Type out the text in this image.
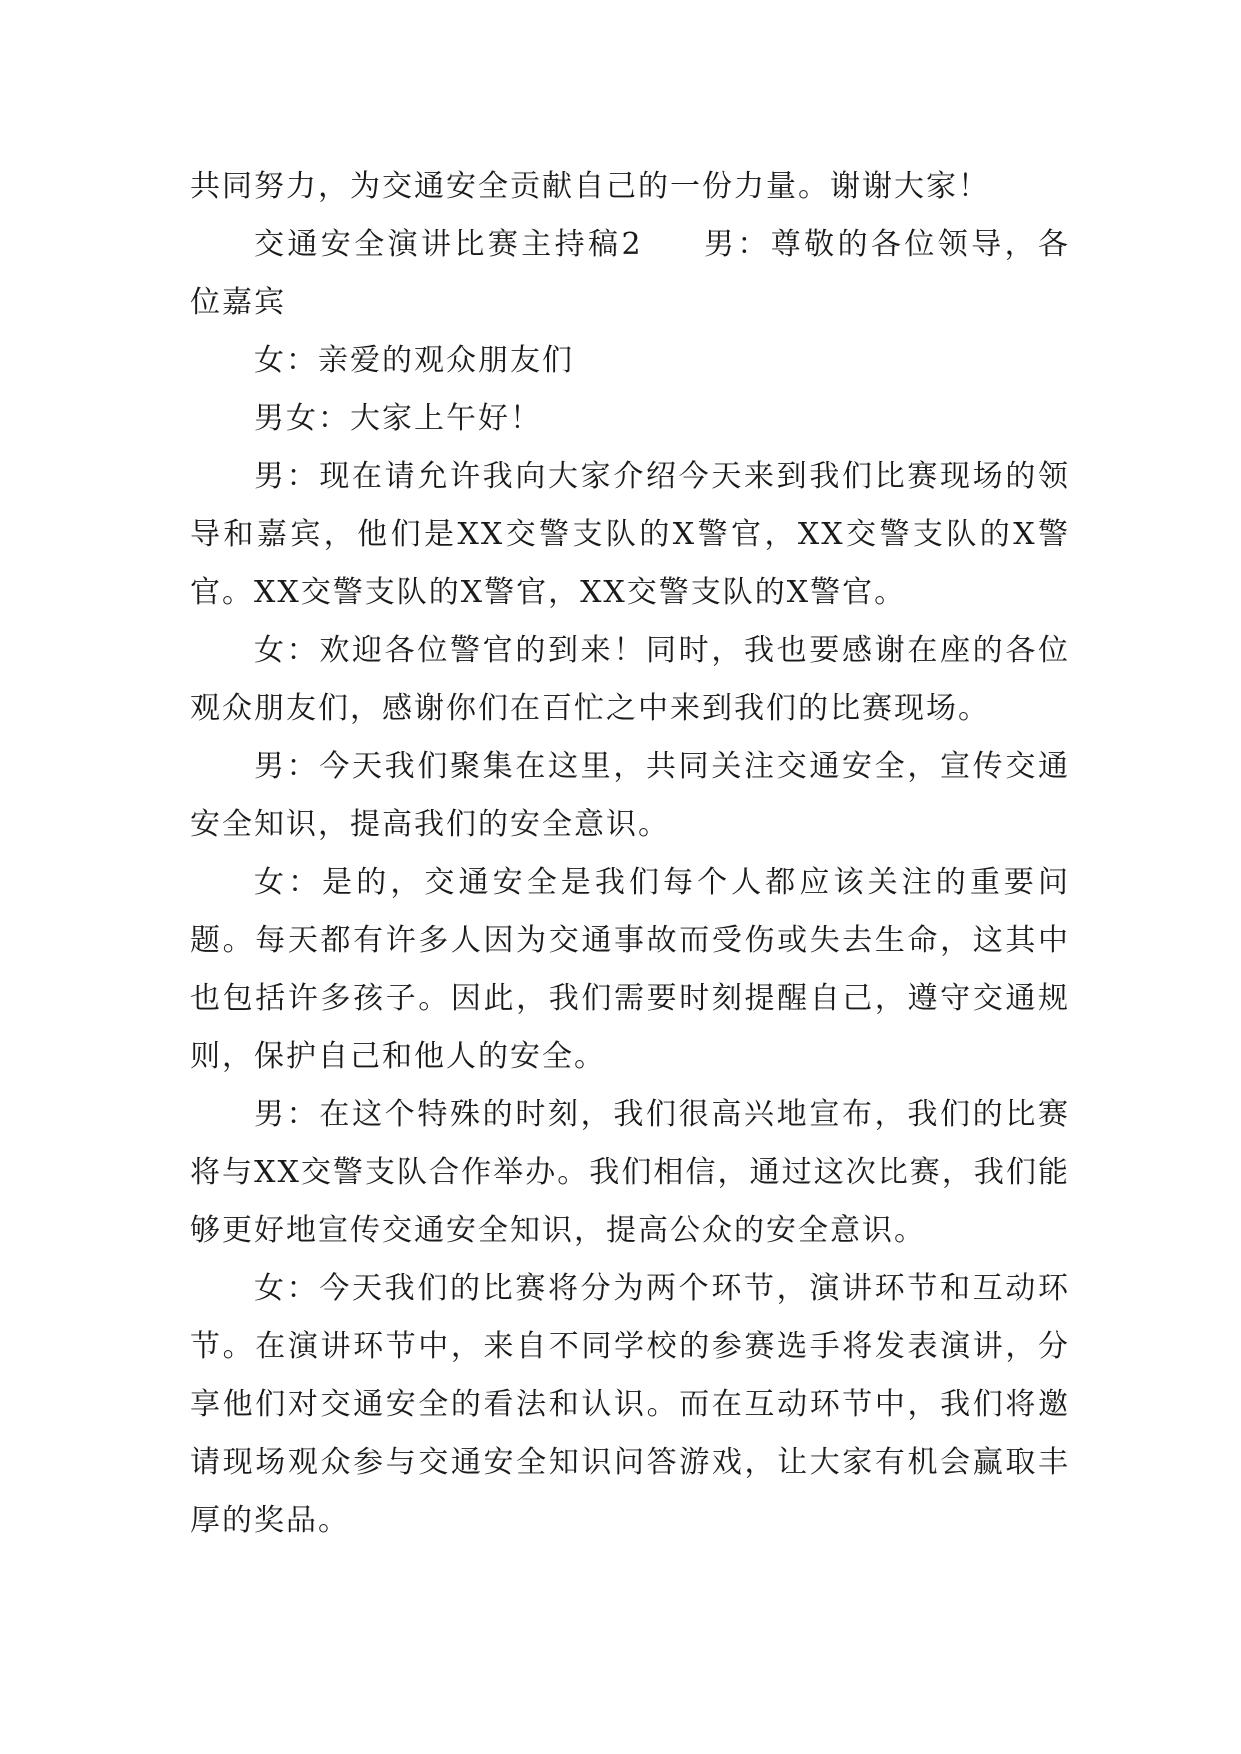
共同努力，为交通安全贡献自己的一份力量。谢谢大家！

交通安全演讲比赛主持稿2 男：尊敬的各位领导，各位嘉宾

女：亲爱的观众朋友们

男女：大家上午好！

男：现在请允许我向大家介绍今天来到我们比赛现场的领导和嘉宾，他们是XX交警支队的X警官，XX交警支队的X警官。XX交警支队的X警官，XX交警支队的X警官。

女：欢迎各位警官的到来！同时，我也要感谢在座的各位观众朋友们，感谢你们在百忙之中来到我们的比赛现场。

男：今天我们聚集在这里，共同关注交通安全，宣传交通安全知识，提高我们的安全意识。

女：是的，交通安全是我们每个人都应该关注的重要问题。每天都有许多人因为交通事故而受伤或失去生命，这其中也包括许多孩子。因此，我们需要时刻提醒自己，遵守交通规则，保护自己和他人的安全。

男：在这个特殊的时刻，我们很高兴地宣布，我们的比赛将与XX交警支队合作举办。我们相信，通过这次比赛，我们能够更好地宣传交通安全知识，提高公众的安全意识。

女：今天我们的比赛将分为两个环节，演讲环节和互动环节。在演讲环节中，来自不同学校的参赛选手将发表演讲，分享他们对交通安全的看法和认识。而在互动环节中，我们将邀请现场观众参与交通安全知识问答游戏，让大家有机会赢取丰厚的奖品。
